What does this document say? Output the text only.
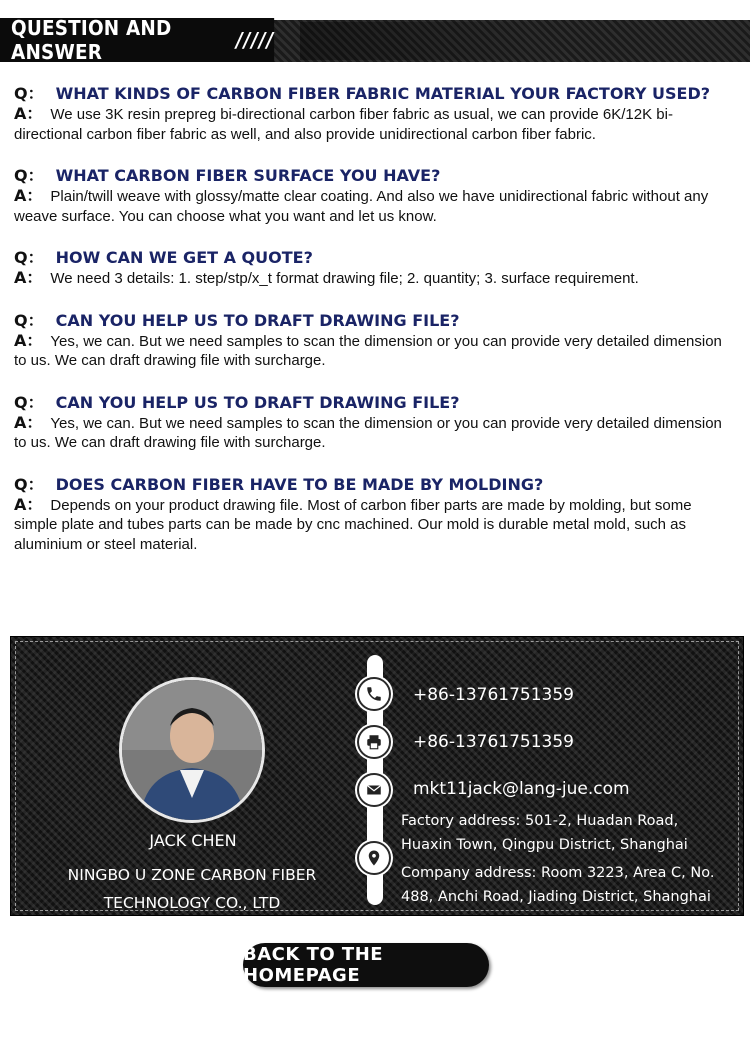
QUESTION AND ANSWER	/////
Q： WHAT KINDS OF CARBON FIBER FABRIC MATERIAL YOUR FACTORY USED?
A： We use 3K resin prepreg bi-directional carbon fiber fabric as usual, we can provide 6K/12K bi-directional carbon fiber fabric as well, and also provide unidirectional carbon fiber fabric.
Q： WHAT CARBON FIBER SURFACE YOU HAVE?
A： Plain/twill weave with glossy/matte clear coating. And also we have unidirectional fabric without any weave surface. You can choose what you want and let us know.
Q： HOW CAN WE GET A QUOTE?
A： We need 3 details: 1. step/stp/x_t format drawing file; 2. quantity; 3. surface requirement.
Q： CAN YOU HELP US TO DRAFT DRAWING FILE?
A： Yes, we can. But we need samples to scan the dimension or you can provide very detailed dimension to us. We can draft drawing file with surcharge.
Q： CAN YOU HELP US TO DRAFT DRAWING FILE?
A： Yes, we can. But we need samples to scan the dimension or you can provide very detailed dimension to us. We can draft drawing file with surcharge.
Q： DOES CARBON FIBER HAVE TO BE MADE BY MOLDING?
A： Depends on your product drawing file. Most of carbon fiber parts are made by molding, but some simple plate and tubes parts can be made by cnc machined. Our mold is durable metal mold, such as aluminium or steel material.
JACK CHEN
NINGBO U ZONE CARBON FIBER
TECHNOLOGY CO., LTD
+86-13761751359
+86-13761751359
mkt11jack@lang-jue.com
Factory address: 501-2, Huadan Road, Huaxin Town, Qingpu District, Shanghai
Company address: Room 3223, Area C, No. 488, Anchi Road, Jiading District, Shanghai
BACK TO THE HOMEPAGE
